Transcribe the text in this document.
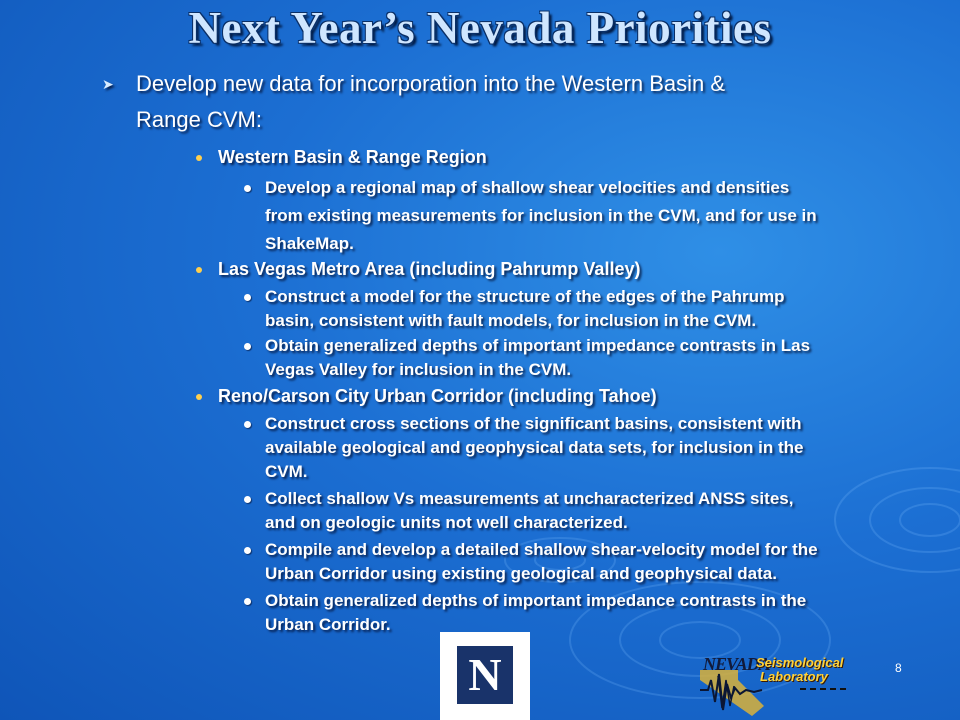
Next Year’s Nevada Priorities
➤	Develop new data for incorporation into the Western Basin &
Range CVM:
Western Basin & Range Region
Develop a regional map of shallow shear velocities and densities
from existing measurements for inclusion in the CVM, and for use in
ShakeMap.
Las Vegas Metro Area (including Pahrump Valley)
Construct a model for the structure of the edges of the Pahrump
basin, consistent with fault models, for inclusion in the CVM.
Obtain generalized depths of important impedance contrasts in Las
Vegas Valley for inclusion in the CVM.
Reno/Carson City Urban Corridor (including Tahoe)
Construct cross sections of the significant basins, consistent with
available geological and geophysical data sets, for inclusion in the
CVM.
Collect shallow Vs measurements at uncharacterized ANSS sites,
and on geologic units not well characterized.
Compile and develop a detailed shallow shear-velocity model for the
Urban Corridor using existing geological and geophysical data.
Obtain generalized depths of important impedance contrasts in the
Urban Corridor.
N	NEVADA
Seismological
Laboratory
8
